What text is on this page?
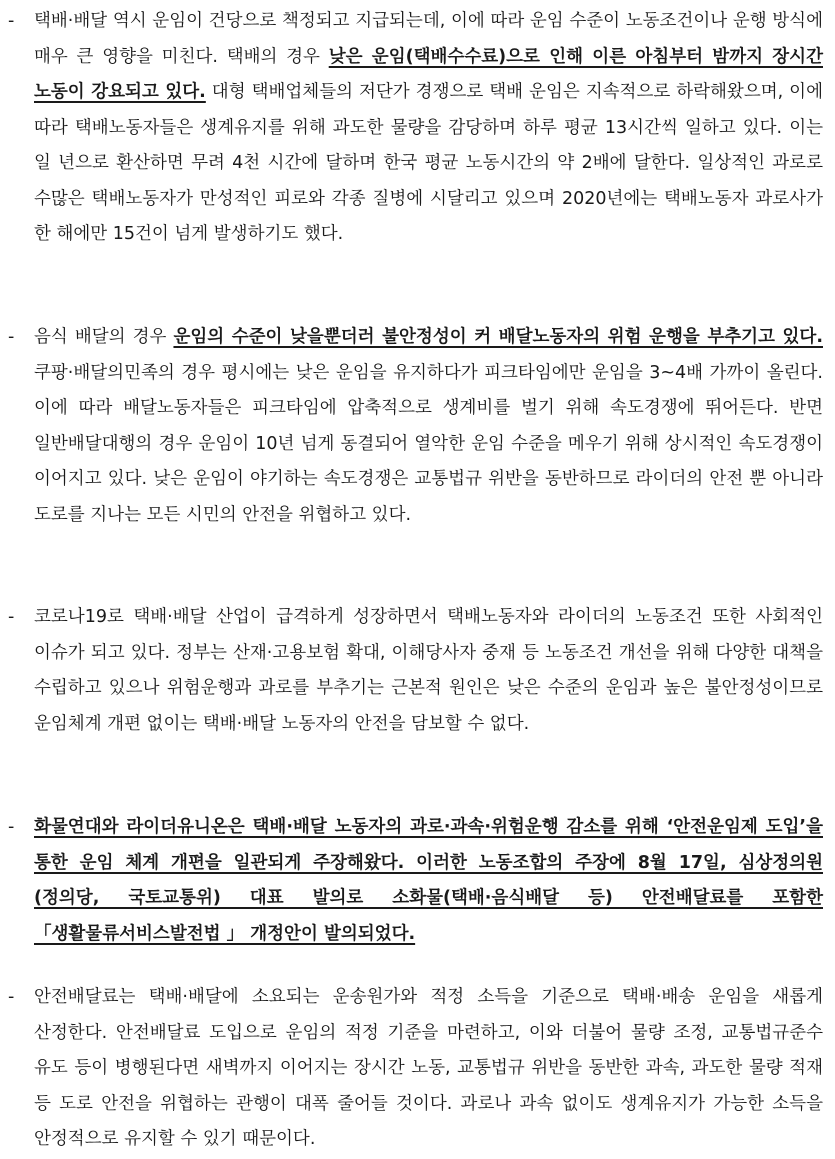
-	택배·배달 역시 운임이 건당으로 책정되고 지급되는데, 이에 따라 운임 수준이 노동조건이나 운행 방식에 매우 큰 영향을 미친다. 택배의 경우 낮은 운임(택배수수료)으로 인해 이른 아침부터 밤까지 장시간 노동이 강요되고 있다. 대형 택배업체들의 저단가 경쟁으로 택배 운임은 지속적으로 하락해왔으며, 이에 따라 택배노동자들은 생계유지를 위해 과도한 물량을 감당하며 하루 평균 13시간씩 일하고 있다. 이는 일 년으로 환산하면 무려 4천 시간에 달하며 한국 평균 노동시간의 약 2배에 달한다. 일상적인 과로로 수많은 택배노동자가 만성적인 피로와 각종 질병에 시달리고 있으며 2020년에는 택배노동자 과로사가 한 해에만 15건이 넘게 발생하기도 했다.
-	음식 배달의 경우 운임의 수준이 낮을뿐더러 불안정성이 커 배달노동자의 위험 운행을 부추기고 있다. 쿠팡·배달의민족의 경우 평시에는 낮은 운임을 유지하다가 피크타임에만 운임을 3~4배 가까이 올린다. 이에 따라 배달노동자들은 피크타임에 압축적으로 생계비를 벌기 위해 속도경쟁에 뛰어든다. 반면 일반배달대행의 경우 운임이 10년 넘게 동결되어 열악한 운임 수준을 메우기 위해 상시적인 속도경쟁이 이어지고 있다. 낮은 운임이 야기하는 속도경쟁은 교통법규 위반을 동반하므로 라이더의 안전 뿐 아니라 도로를 지나는 모든 시민의 안전을 위협하고 있다.
-	코로나19로 택배·배달 산업이 급격하게 성장하면서 택배노동자와 라이더의 노동조건 또한 사회적인 이슈가 되고 있다. 정부는 산재·고용보험 확대, 이해당사자 중재 등 노동조건 개선을 위해 다양한 대책을 수립하고 있으나 위험운행과 과로를 부추기는 근본적 원인은 낮은 수준의 운임과 높은 불안정성이므로 운임체계 개편 없이는 택배·배달 노동자의 안전을 담보할 수 없다.
-	화물연대와 라이더유니온은 택배·배달 노동자의 과로·과속·위험운행 감소를 위해 ‘안전운임제 도입’을 통한 운임 체계 개편을 일관되게 주장해왔다. 이러한 노동조합의 주장에 8월 17일, 심상정의원(정의당, 국토교통위) 대표 발의로 소화물(택배·음식배달 등) 안전배달료를 포함한 「생활물류서비스발전법 」 개정안이 발의되었다.
-	안전배달료는 택배·배달에 소요되는 운송원가와 적정 소득을 기준으로 택배·배송 운임을 새롭게 산정한다. 안전배달료 도입으로 운임의 적정 기준을 마련하고, 이와 더불어 물량 조정, 교통법규준수 유도 등이 병행된다면 새벽까지 이어지는 장시간 노동, 교통법규 위반을 동반한 과속, 과도한 물량 적재 등 도로 안전을 위협하는 관행이 대폭 줄어들 것이다. 과로나 과속 없이도 생계유지가 가능한 소득을 안정적으로 유지할 수 있기 때문이다.
